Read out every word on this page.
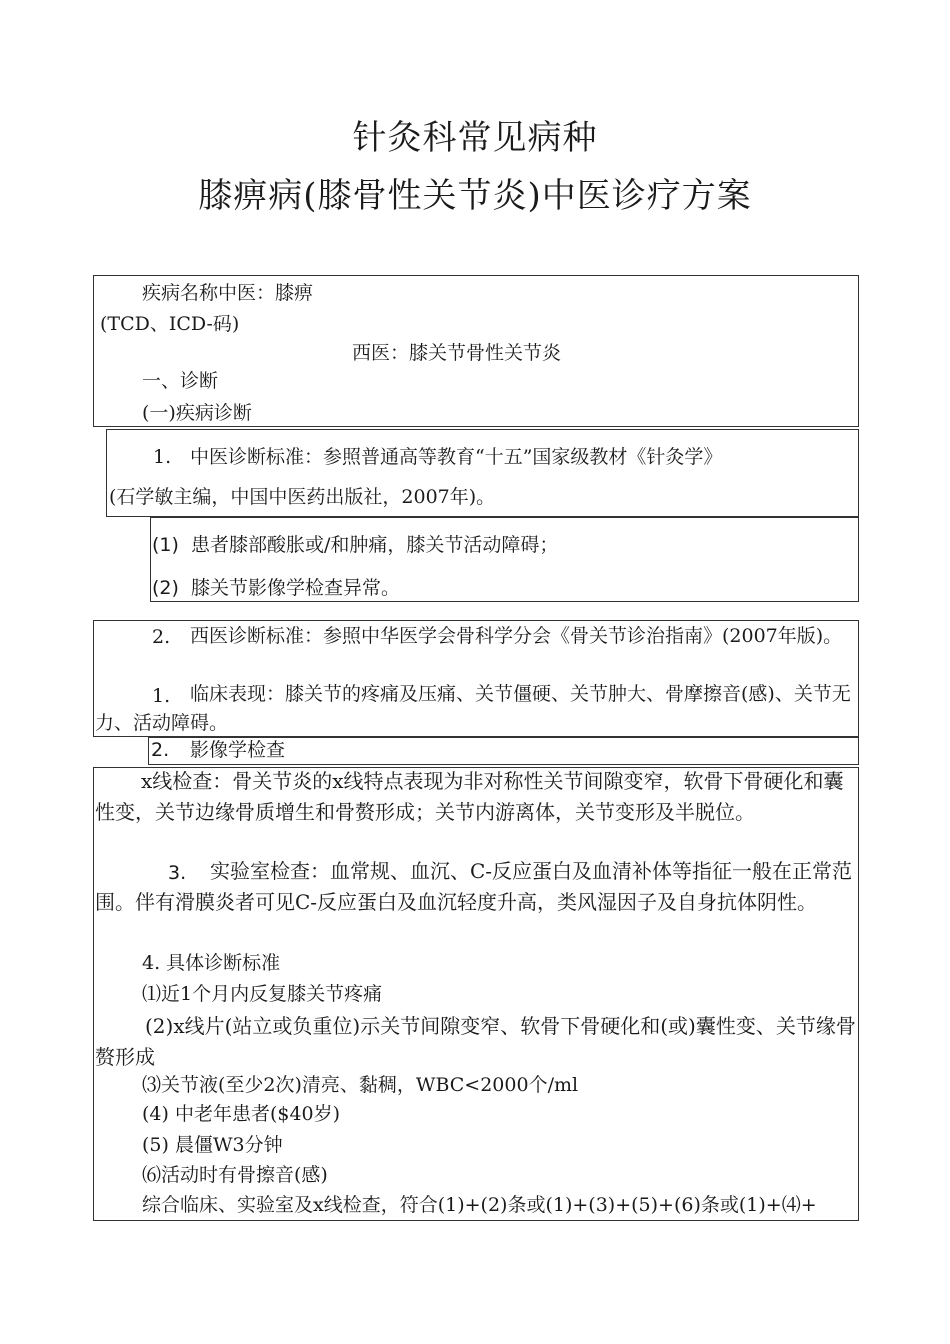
针灸科常见病种
膝痹病(膝骨性关节炎)中医诊疗方案
疾病名称中医：膝痹
(TCD、ICD-码)
西医：膝关节骨性关节炎
一、诊断
(一)疾病诊断
1. 中医诊断标准：参照普通高等教育“十五”国家级教材《针灸学》
(石学敏主编，中国中医药出版社，2007年)。
(1) 患者膝部酸胀或/和肿痛，膝关节活动障碍；
(2) 膝关节影像学检查异常。
2.	西医诊断标准：参照中华医学会骨科学分会《骨关节诊治指南》(2007年版)。
1.	临床表现：膝关节的疼痛及压痛、关节僵硬、关节肿大、骨摩擦音(感)、关节无力、活动障碍。
2. 影像学检查
x线检查：骨关节炎的x线特点表现为非对称性关节间隙变窄，软骨下骨硬化和囊性变，关节边缘骨质增生和骨赘形成；关节内游离体，关节变形及半脱位。
3.	实验室检查：血常规、血沉、C-反应蛋白及血清补体等指征一般在正常范围。伴有滑膜炎者可见C-反应蛋白及血沉轻度升高，类风湿因子及自身抗体阴性。
4. 具体诊断标准
⑴近1个月内反复膝关节疼痛
(2)x线片(站立或负重位)示关节间隙变窄、软骨下骨硬化和(或)囊性变、关节缘骨赘形成
⑶关节液(至少2次)清亮、黏稠，WBC<2000个/ml
(4) 中老年患者($40岁)
(5) 晨僵W3分钟
⑹活动时有骨擦音(感)
综合临床、实验室及x线检查，符合(1)+(2)条或(1)+(3)+(5)+(6)条或(1)+⑷+
